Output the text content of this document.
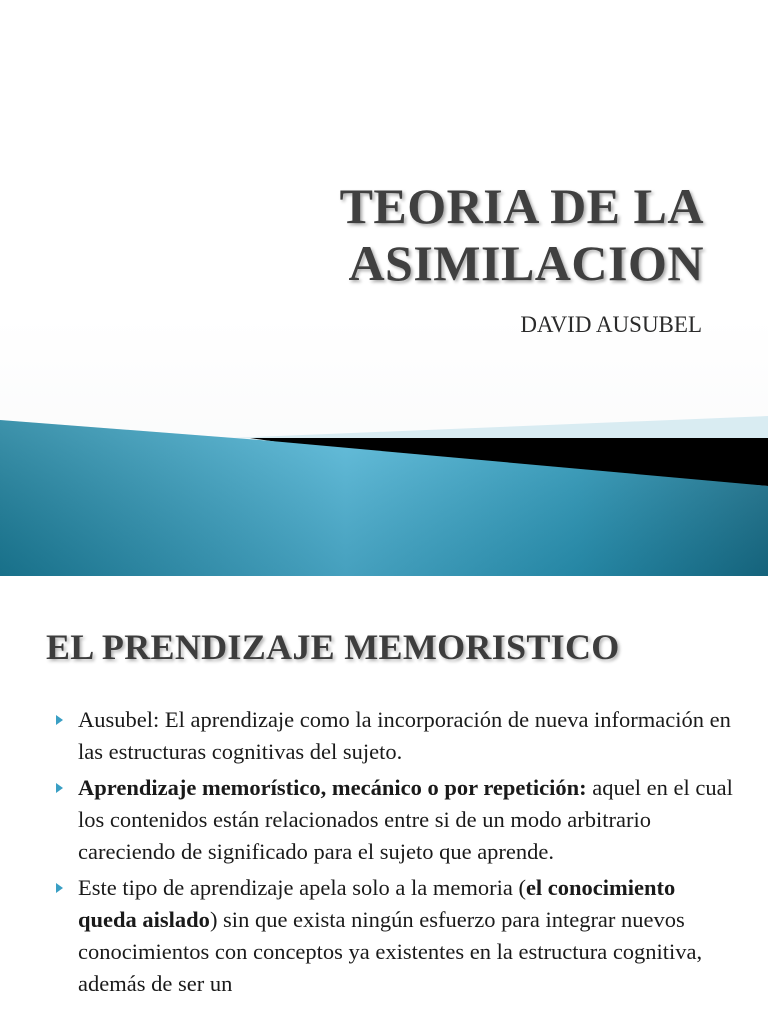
TEORIA DE LA
ASIMILACION

DAVID AUSUBEL

EL PRENDIZAJE MEMORISTICO
Ausubel: El aprendizaje como la incorporación de nueva información en las estructuras cognitivas del sujeto.
Aprendizaje memorístico, mecánico o por repetición: aquel en el cual los contenidos están relacionados entre si de un modo arbitrario careciendo de significado para el sujeto que aprende.
Este tipo de aprendizaje apela solo a la memoria (el conocimiento queda aislado) sin que exista ningún esfuerzo para integrar nuevos conocimientos con conceptos ya existentes en la estructura cognitiva, además de ser un
